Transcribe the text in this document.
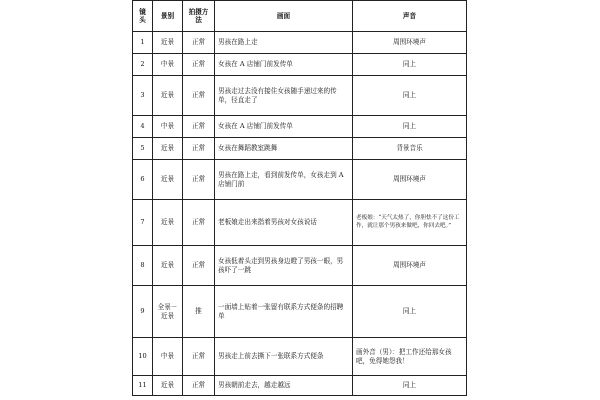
镜头	景别	拍摄方法	画面	声音
1	近景	正常	男孩在路上走	周围环境声
2	中景	正常	女孩在 A 店铺门前发传单	同上
3	近景	正常	男孩走过去没有接住女孩随手递过来的传单，径直走了	同上
4	中景	正常	女孩在 A 店铺门前发传单	同上
5	近景	正常	女孩在舞蹈教室跳舞	背景音乐
6	近景	正常	男孩在路上走，看到前发传单，女孩走到 A 店铺门前	周围环境声
7	近景	正常	老板娘走出来指着男孩对女孩说话	老板娘：“天气太热了，你胆怯不了这份工作，就让那个男孩来做吧，你回去吧。”
8	近景	正常	女孩低着头走到男孩身边瞪了男孩一眼，男孩吓了一跳	周围环境声
9	全景－近景	推	一面墙上贴着一张留有联系方式便条的招聘单	同上
10	中景	正常	男孩走上前去撕下一张联系方式便条	画外音（男）：把工作还给那女孩吧，免得她怨我！
11	近景	正常	男孩朝前走去，越走越远	同上
